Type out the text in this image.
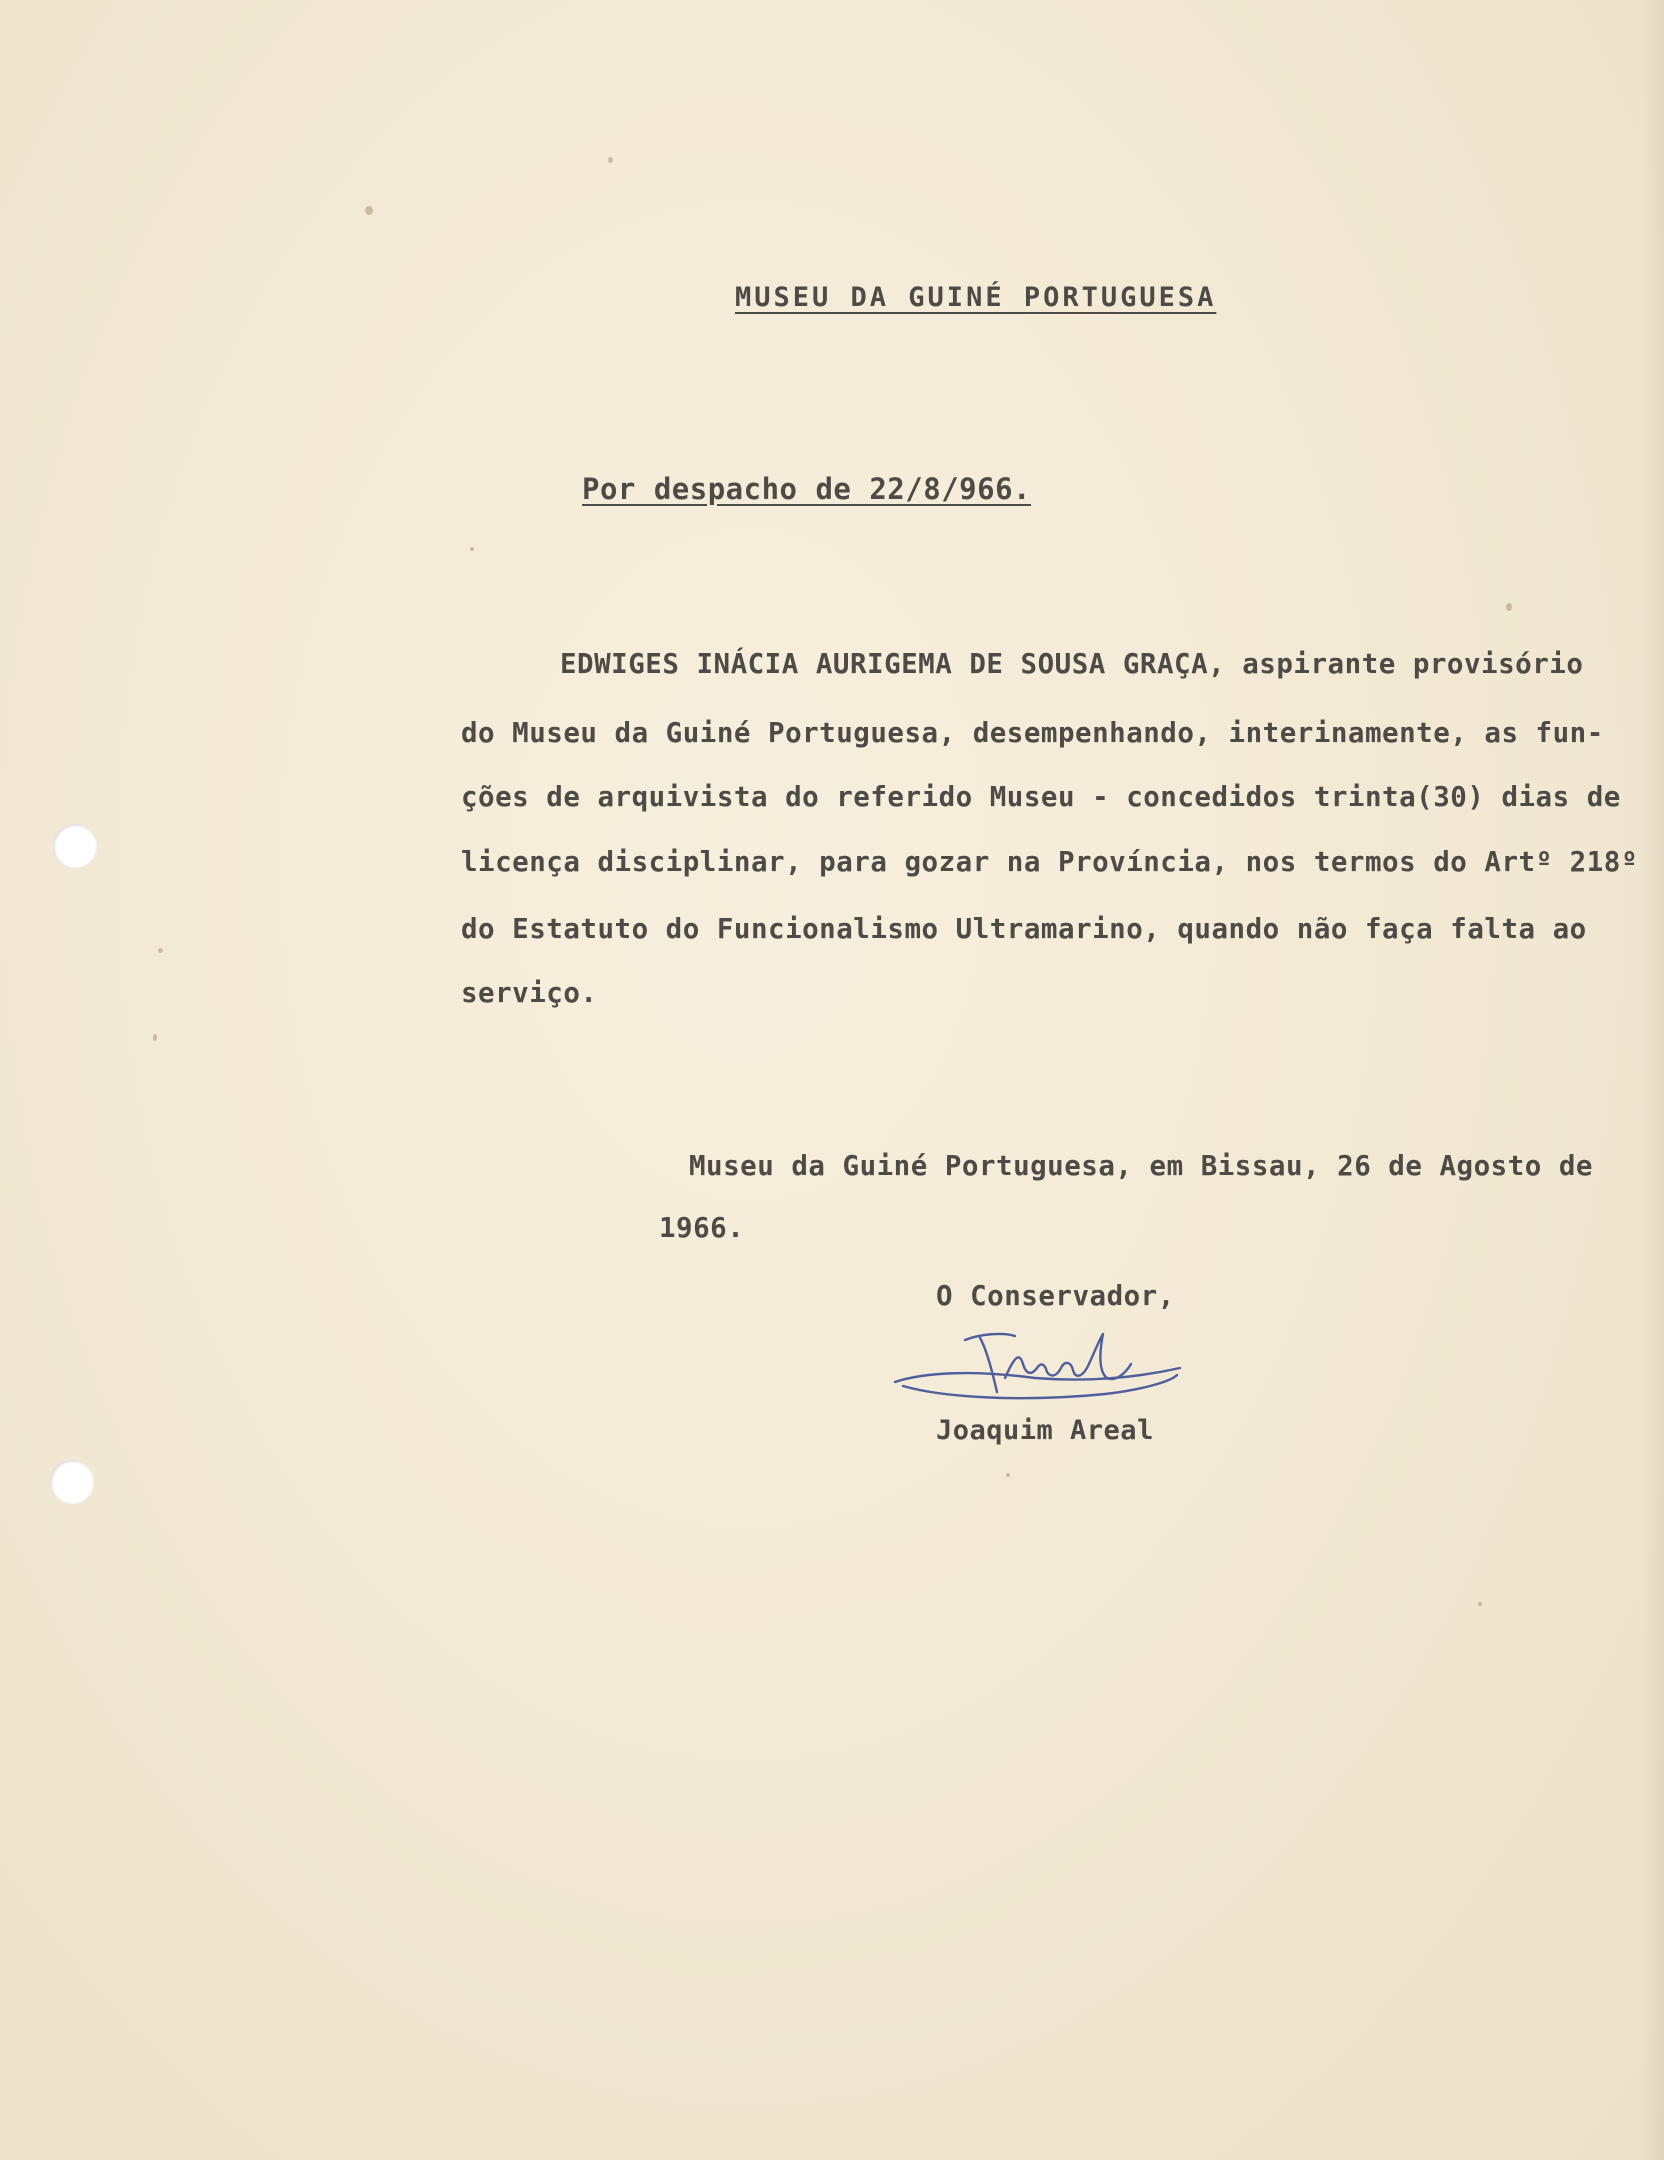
MUSEU DA GUINÉ PORTUGUESA
Por despacho de 22/8/966.
EDWIGES INÁCIA AURIGEMA DE SOUSA GRAÇA, aspirante provisório
do Museu da Guiné Portuguesa, desempenhando, interinamente, as fun-
ções de arquivista do referido Museu - concedidos trinta(30) dias de
licença disciplinar, para gozar na Província, nos termos do Artº 218º
do Estatuto do Funcionalismo Ultramarino, quando não faça falta ao
serviço.
Museu da Guiné Portuguesa, em Bissau, 26 de Agosto de
1966.
O Conservador,
Joaquim Areal
